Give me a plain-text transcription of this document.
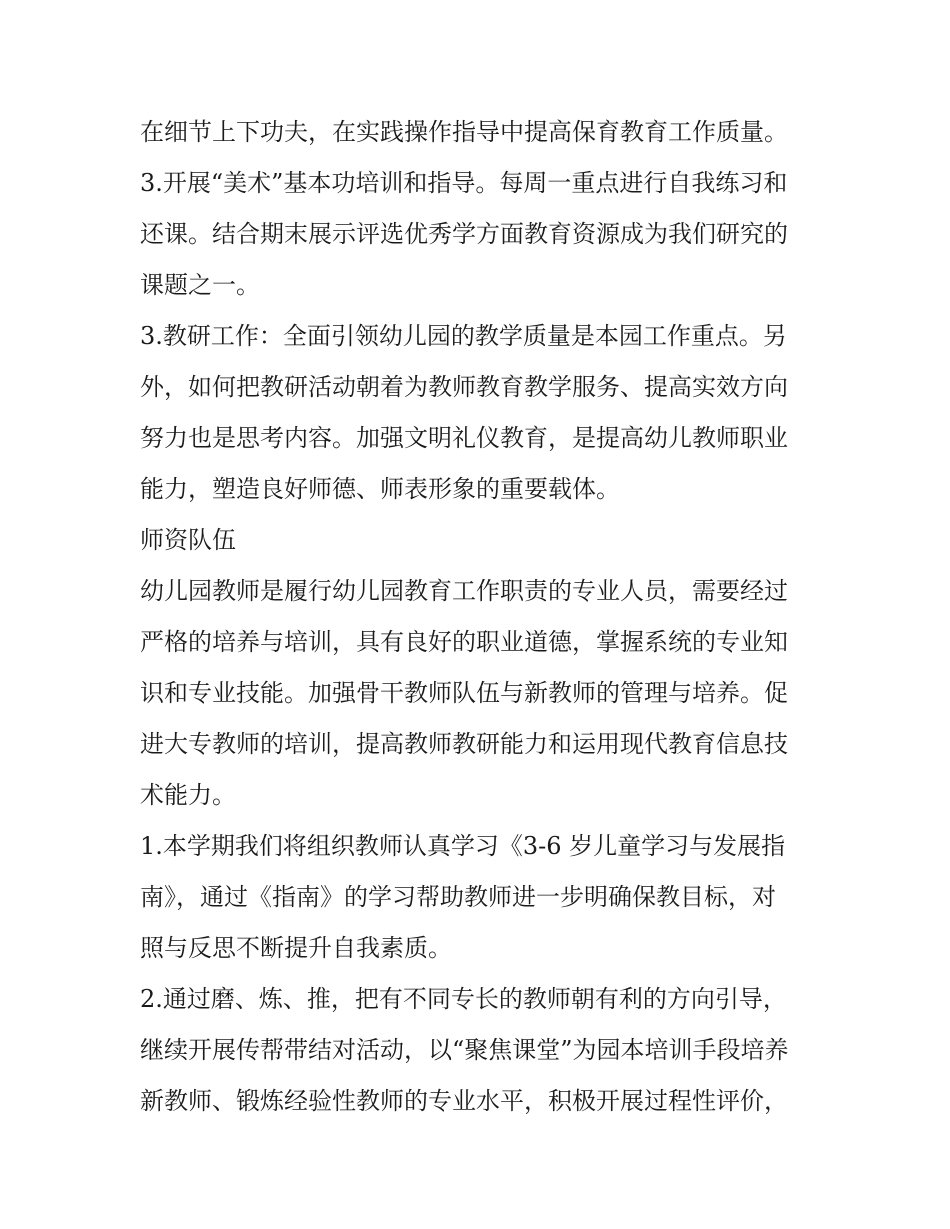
在细节上下功夫，在实践操作指导中提高保育教育工作质量。
3.开展“美术”基本功培训和指导。每周一重点进行自我练习和
还课。结合期末展示评选优秀学方面教育资源成为我们研究的
课题之一。
3.教研工作：全面引领幼儿园的教学质量是本园工作重点。另
外，如何把教研活动朝着为教师教育教学服务、提高实效方向
努力也是思考内容。加强文明礼仪教育，是提高幼儿教师职业
能力，塑造良好师德、师表形象的重要载体。
师资队伍
幼儿园教师是履行幼儿园教育工作职责的专业人员，需要经过
严格的培养与培训，具有良好的职业道德，掌握系统的专业知
识和专业技能。加强骨干教师队伍与新教师的管理与培养。促
进大专教师的培训，提高教师教研能力和运用现代教育信息技
术能力。
1.本学期我们将组织教师认真学习《3-6 岁儿童学习与发展指
南》，通过《指南》的学习帮助教师进一步明确保教目标，对
照与反思不断提升自我素质。
2.通过磨、炼、推，把有不同专长的教师朝有利的方向引导，
继续开展传帮带结对活动，以“聚焦课堂”为园本培训手段培养
新教师、锻炼经验性教师的专业水平，积极开展过程性评价，
